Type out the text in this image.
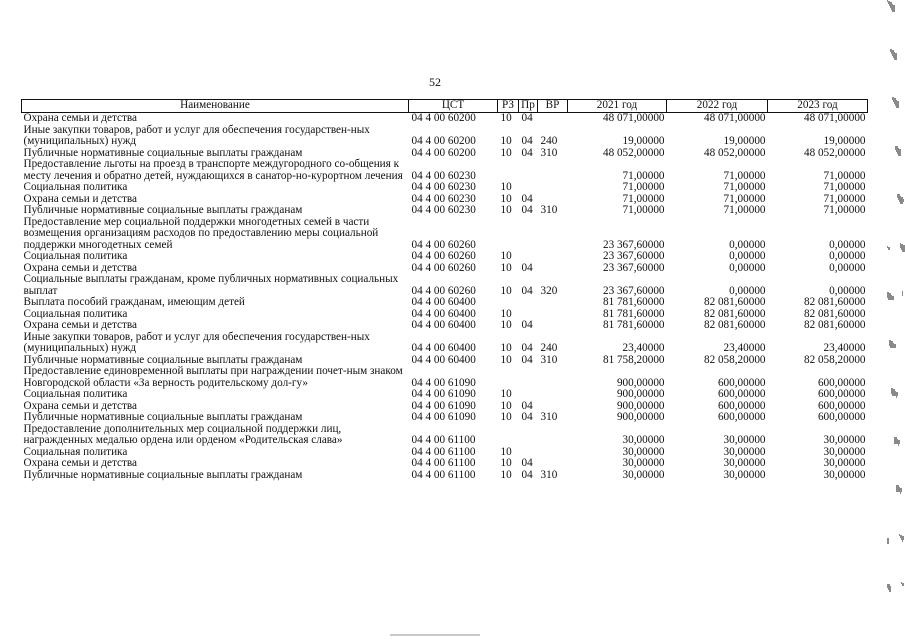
52
Наименование	ЦСТ	РЗ	Пр	ВР	2021 год	2022 год	2023 год
Охрана семьи и детства	04 4 00 60200	10	04		48 071,00000	48 071,00000	48 071,00000
Иные закупки товаров, работ и услуг для обеспечения государствен-ных (муниципальных) нужд	04 4 00 60200	10	04	240	19,00000	19,00000	19,00000
Публичные нормативные социальные выплаты гражданам	04 4 00 60200	10	04	310	48 052,00000	48 052,00000	48 052,00000
Предоставление льготы на проезд в транспорте междугородного со-общения к месту лечения и обратно детей, нуждающихся в санатор-но-курортном лечения	04 4 00 60230				71,00000	71,00000	71,00000
Социальная политика	04 4 00 60230	10			71,00000	71,00000	71,00000
Охрана семьи и детства	04 4 00 60230	10	04		71,00000	71,00000	71,00000
Публичные нормативные социальные выплаты гражданам	04 4 00 60230	10	04	310	71,00000	71,00000	71,00000
Предоставление мер социальной поддержки многодетных семей в части возмещения организациям расходов по предоставлению меры социальной поддержки многодетных семей	04 4 00 60260				23 367,60000	0,00000	0,00000
Социальная политика	04 4 00 60260	10			23 367,60000	0,00000	0,00000
Охрана семьи и детства	04 4 00 60260	10	04		23 367,60000	0,00000	0,00000
Социальные выплаты гражданам, кроме публичных нормативных социальных выплат	04 4 00 60260	10	04	320	23 367,60000	0,00000	0,00000
Выплата пособий гражданам, имеющим детей	04 4 00 60400				81 781,60000	82 081,60000	82 081,60000
Социальная политика	04 4 00 60400	10			81 781,60000	82 081,60000	82 081,60000
Охрана семьи и детства	04 4 00 60400	10	04		81 781,60000	82 081,60000	82 081,60000
Иные закупки товаров, работ и услуг для обеспечения государствен-ных (муниципальных) нужд	04 4 00 60400	10	04	240	23,40000	23,40000	23,40000
Публичные нормативные социальные выплаты гражданам	04 4 00 60400	10	04	310	81 758,20000	82 058,20000	82 058,20000
Предоставление единовременной выплаты при награждении почет-ным знаком Новгородской области «За верность родительскому дол-гу»	04 4 00 61090				900,00000	600,00000	600,00000
Социальная политика	04 4 00 61090	10			900,00000	600,00000	600,00000
Охрана семьи и детства	04 4 00 61090	10	04		900,00000	600,00000	600,00000
Публичные нормативные социальные выплаты гражданам	04 4 00 61090	10	04	310	900,00000	600,00000	600,00000
Предоставление дополнительных мер социальной поддержки лиц, награжденных медалью ордена или орденом «Родительская слава»	04 4 00 61100				30,00000	30,00000	30,00000
Социальная политика	04 4 00 61100	10			30,00000	30,00000	30,00000
Охрана семьи и детства	04 4 00 61100	10	04		30,00000	30,00000	30,00000
Публичные нормативные социальные выплаты гражданам	04 4 00 61100	10	04	310	30,00000	30,00000	30,00000
